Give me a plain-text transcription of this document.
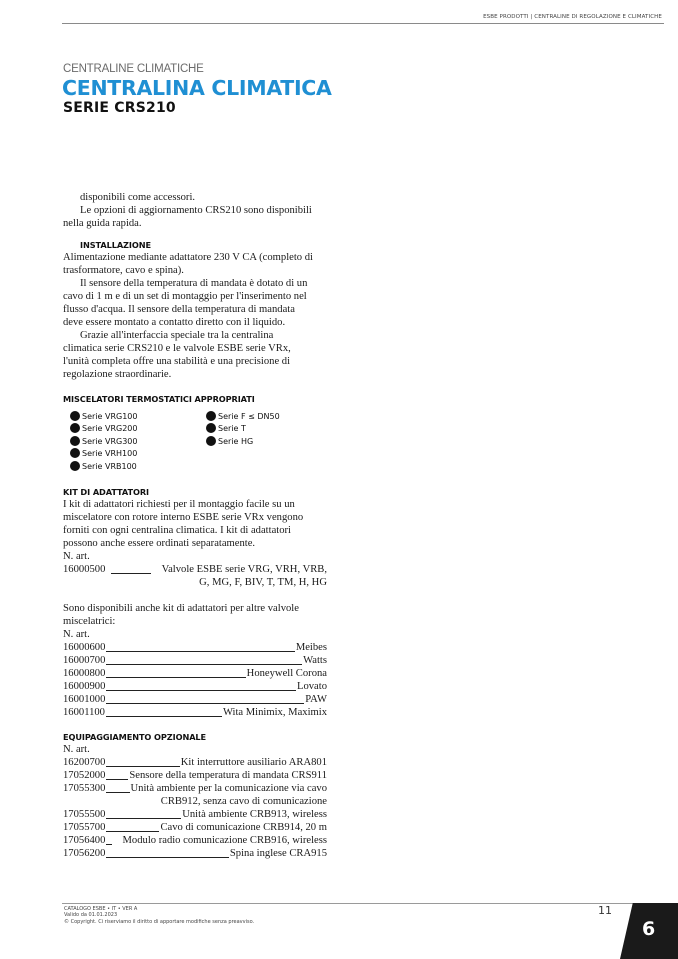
ESBE PRODOTTI | CENTRALINE DI REGOLAZIONE E CLIMATICHE
CENTRALINE CLIMATICHE
CENTRALINA CLIMATICA
SERIE CRS210
disponibili come accessori.
Le opzioni di aggiornamento CRS210 sono disponibili
nella guida rapida.
INSTALLAZIONE
Alimentazione mediante adattatore 230 V CA (completo di
trasformatore, cavo e spina).
Il sensore della temperatura di mandata è dotato di un
cavo di 1 m e di un set di montaggio per l'inserimento nel
flusso d'acqua. Il sensore della temperatura di mandata
deve essere montato a contatto diretto con il liquido.
Grazie all'interfaccia speciale tra la centralina
climatica serie CRS210 e le valvole ESBE serie VRx,
l'unità completa offre una stabilità e una precisione di
regolazione straordinarie.
MISCELATORI TERMOSTATICI APPROPRIATI
Serie VRG100
Serie VRG200
Serie VRG300
Serie VRH100
Serie VRB100
Serie F ≤ DN50
Serie T
Serie HG
KIT DI ADATTATORI
I kit di adattatori richiesti per il montaggio facile su un
miscelatore con rotore interno ESBE serie VRx vengono
forniti con ogni centralina climatica. I kit di adattatori
possono anche essere ordinati separatamente.
N. art.
16000500	Valvole ESBE serie VRG, VRH, VRB,
G, MG, F, BIV, T, TM, H, HG
Sono disponibili anche kit di adattatori per altre valvole
miscelatrici:
N. art.
16000600	Meibes
16000700	Watts
16000800	Honeywell Corona
16000900	Lovato
16001000	PAW
16001100	Wita Minimix, Maximix
EQUIPAGGIAMENTO OPZIONALE
N. art.
16200700	Kit interruttore ausiliario ARA801
17052000 Sensore della temperatura di mandata CRS911
17055300 Unità ambiente per la comunicazione via cavo
CRB912, senza cavo di comunicazione
17055500	Unità ambiente CRB913, wireless
17055700	Cavo di comunicazione CRB914, 20 m
17056400 Modulo radio comunicazione CRB916, wireless
17056200	Spina inglese CRA915
CATALOGO ESBE • IT • VER A
Valido da 01.01.2023
© Copyright. Ci riserviamo il diritto di apportare modifiche senza preavviso.
11
6
